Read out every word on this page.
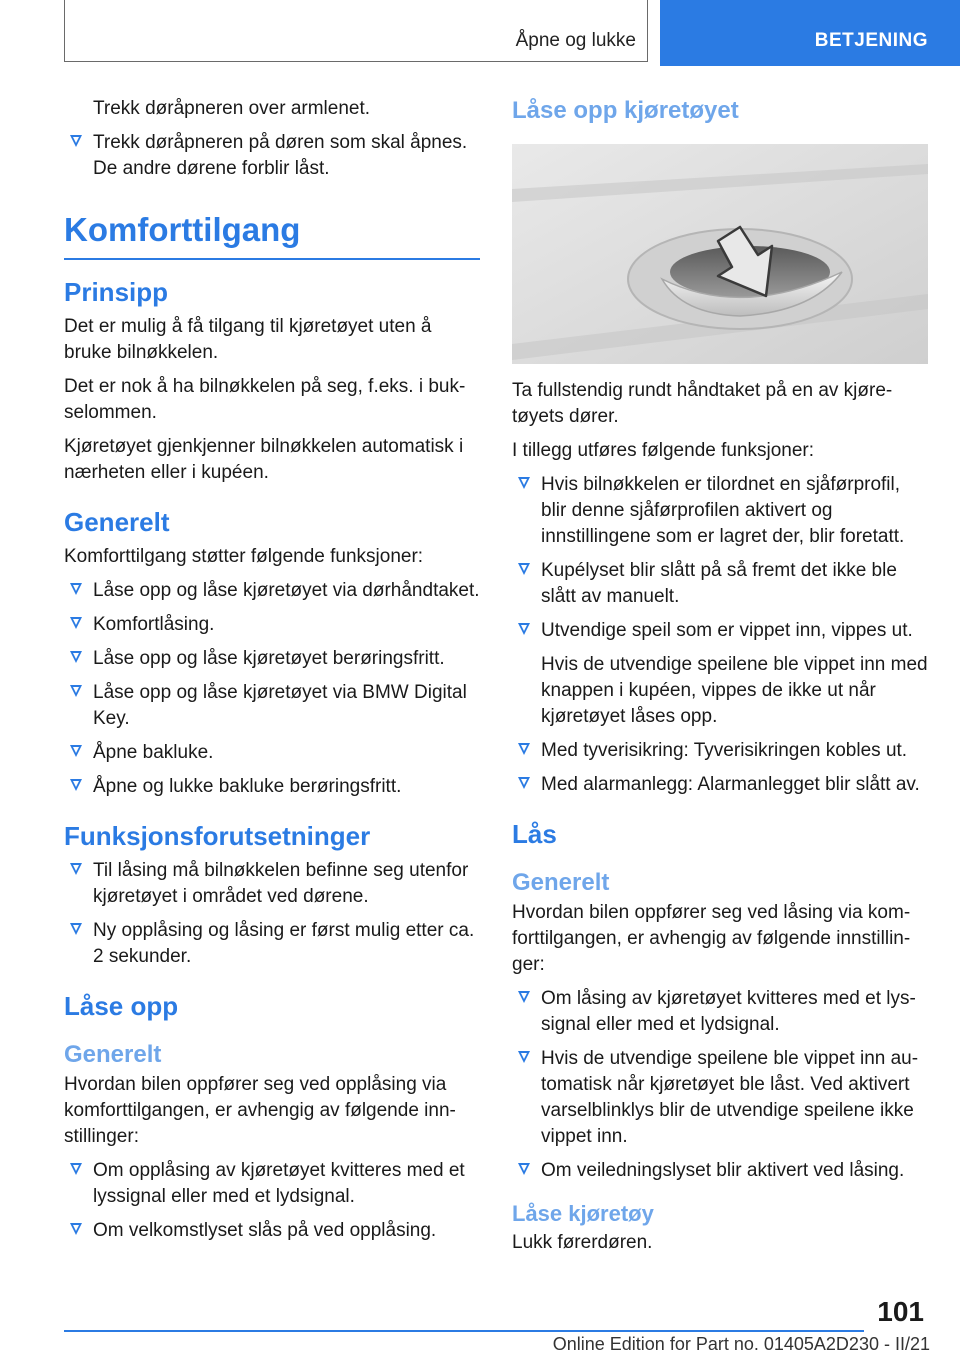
Åpne og lukke	BETJENING

Trekk døråpneren over armlenet.

Trekk døråpneren på døren som skal åpnes. De andre dørene forblir låst.
Komforttilgang
Prinsipp

Det er mulig å få tilgang til kjøretøyet uten å bruke bilnøkkelen.

Det er nok å ha bilnøkkelen på seg, f.eks. i bukselommen.

Kjøretøyet gjenkjenner bilnøkkelen automatisk i nærheten eller i kupéen.

Generelt

Komforttilgang støtter følgende funksjoner:

Låse opp og låse kjøretøyet via dørhåndtaket.
Komfortlåsing.
Låse opp og låse kjøretøyet berøringsfritt.
Låse opp og låse kjøretøyet via BMW Digital Key.
Åpne bakluke.
Åpne og lukke bakluke berøringsfritt.
Funksjonsforutsetninger
Til låsing må bilnøkkelen befinne seg utenfor kjøretøyet i området ved dørene.
Ny opplåsing og låsing er først mulig etter ca. 2 sekunder.
Låse opp
Generelt

Hvordan bilen oppfører seg ved opplåsing via komforttilgangen, er avhengig av følgende innstillinger:

Om opplåsing av kjøretøyet kvitteres med et lyssignal eller med et lydsignal.
Om velkomstlyset slås på ved opplåsing.
Låse opp kjøretøyet

Ta fullstendig rundt håndtaket på en av kjøretøyets dører.

I tillegg utføres følgende funksjoner:

Hvis bilnøkkelen er tilordnet en sjåførprofil, blir denne sjåførprofilen aktivert og innstillingene som er lagret der, blir foretatt.
Kupélyset blir slått på så fremt det ikke ble slått av manuelt.
Utvendige speil som er vippet inn, vippes ut.

Hvis de utvendige speilene ble vippet inn med knappen i kupéen, vippes de ikke ut når kjøretøyet låses opp.

Med tyverisikring: Tyverisikringen kobles ut.
Med alarmanlegg: Alarmanlegget blir slått av.
Lås
Generelt

Hvordan bilen oppfører seg ved låsing via komforttilgangen, er avhengig av følgende innstillinger:

Om låsing av kjøretøyet kvitteres med et lyssignal eller med et lydsignal.
Hvis de utvendige speilene ble vippet inn automatisk når kjøretøyet ble låst. Ved aktivert varselblinklys blir de utvendige speilene ikke vippet inn.
Om veiledningslyset blir aktivert ved låsing.
Låse kjøretøy

Lukk førerdøren.

101
Online Edition for Part no. 01405A2D230 - II/21
